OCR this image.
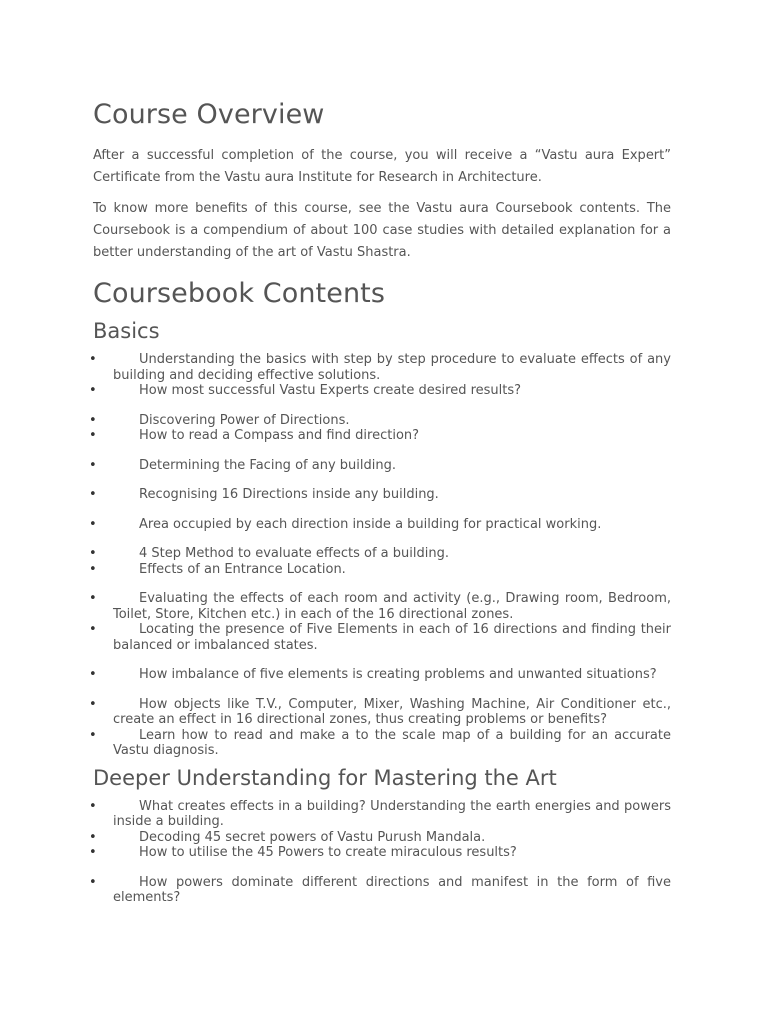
Course Overview

After a successful completion of the course, you will receive a “Vastu aura Expert” Certificate from the Vastu aura Institute for Research in Architecture.

To know more benefits of this course, see the Vastu aura Coursebook contents. The Coursebook is a compendium of about 100 case studies with detailed explanation for a better understanding of the art of Vastu Shastra.

Coursebook Contents
Basics
•	Understanding the basics with step by step procedure to evaluate effects of any building and deciding effective solutions.
•	How most successful Vastu Experts create desired results?
•	Discovering Power of Directions.
•	How to read a Compass and find direction?
•	Determining the Facing of any building.
•	Recognising 16 Directions inside any building.
•	Area occupied by each direction inside a building for practical working.
•	4 Step Method to evaluate effects of a building.
•	Effects of an Entrance Location.
•	Evaluating the effects of each room and activity (e.g., Drawing room, Bedroom, Toilet, Store, Kitchen etc.) in each of the 16 directional zones.
•	Locating the presence of Five Elements in each of 16 directions and finding their balanced or imbalanced states.
•	How imbalance of five elements is creating problems and unwanted situations?
•	How objects like T.V., Computer, Mixer, Washing Machine, Air Conditioner etc., create an effect in 16 directional zones, thus creating problems or benefits?
•	Learn how to read and make a to the scale map of a building for an accurate Vastu diagnosis.
Deeper Understanding for Mastering the Art
•	What creates effects in a building? Understanding the earth energies and powers inside a building.
•	Decoding 45 secret powers of Vastu Purush Mandala.
•	How to utilise the 45 Powers to create miraculous results?
•	How powers dominate different directions and manifest in the form of five elements?
